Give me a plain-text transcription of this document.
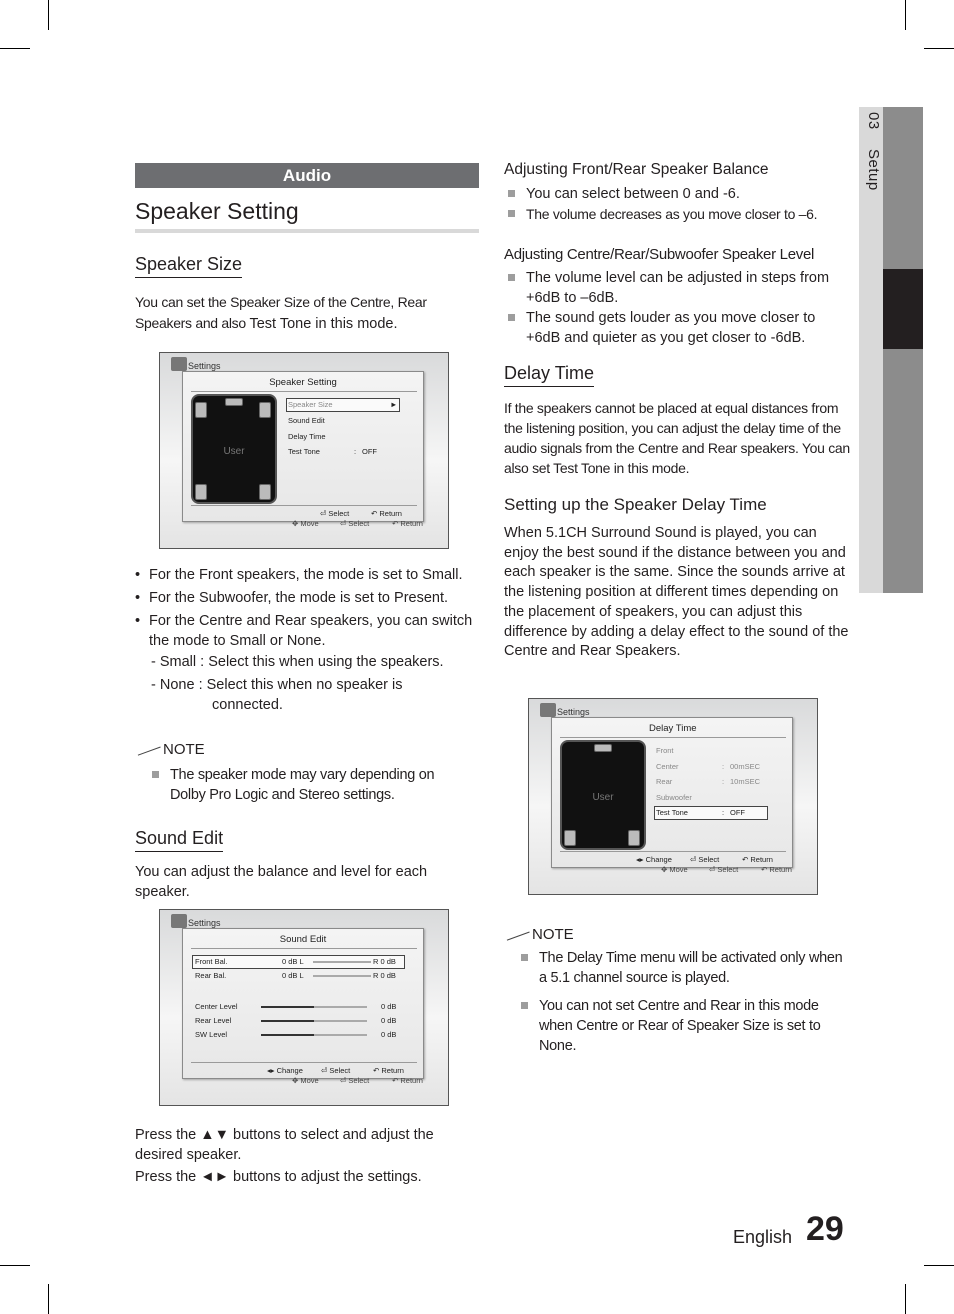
03  Setup
Audio
Speaker Setting
Speaker Size
You can set the Speaker Size of the Centre, Rear Speakers and also Test Tone in this mode.
Settings
Speaker Setting
User
Speaker Size	►
Sound Edit
Delay Time
Test Tone	: OFF
⏎ Select	↶ Return
✥ Move	⏎ Select	↶ Return
• For the Front speakers, the mode is set to Small.
• For the Subwoofer, the mode is set to Present.
• For the Centre and Rear speakers, you can switch the mode to Small or None.
- Small : Select this when using the speakers.
- None : Select this when no speaker is
connected.
NOTE
The speaker mode may vary depending on Dolby Pro Logic and Stereo settings.
Sound Edit
You can adjust the balance and level for each speaker.
Settings
Sound Edit
Front Bal.	0 dB L	R 0 dB
Rear Bal.	0 dB L	R 0 dB
Center Level	0 dB
Rear Level	0 dB
SW Level	0 dB
◂▸ Change ⏎ Select	↶ Return
✥ Move	⏎ Select	↶ Return
Press the ▲▼ buttons to select and adjust the desired speaker.
Press the ◄► buttons to adjust the settings.
Adjusting Front/Rear Speaker Balance
You can select between 0 and -6.
The volume decreases as you move closer to –6.
Adjusting Centre/Rear/Subwoofer Speaker Level
The volume level can be adjusted in steps from +6dB to –6dB.
The sound gets louder as you move closer to +6dB and quieter as you get closer to -6dB.
Delay Time
If the speakers cannot be placed at equal distances from the listening position, you can adjust the delay time of the audio signals from the Centre and Rear speakers. You can also set Test Tone in this mode.
Setting up the Speaker Delay Time
When 5.1CH Surround Sound is played, you can enjoy the best sound if the distance between you and each speaker is the same. Since the sounds arrive at the listening position at different times depending on the placement of speakers, you can adjust this difference by adding a delay effect to the sound of the Centre and Rear Speakers.
Settings
Delay Time
User
Front
Center	: 00mSEC
Rear	: 10mSEC
Subwoofer
Test Tone	: OFF
◂▸ Change ⏎ Select	↶ Return
✥ Move	⏎ Select	↶ Return
NOTE
The Delay Time menu will be activated only when a 5.1 channel source is played.
You can not set Centre and Rear in this mode when Centre or Rear of Speaker Size is set to None.
English 29
